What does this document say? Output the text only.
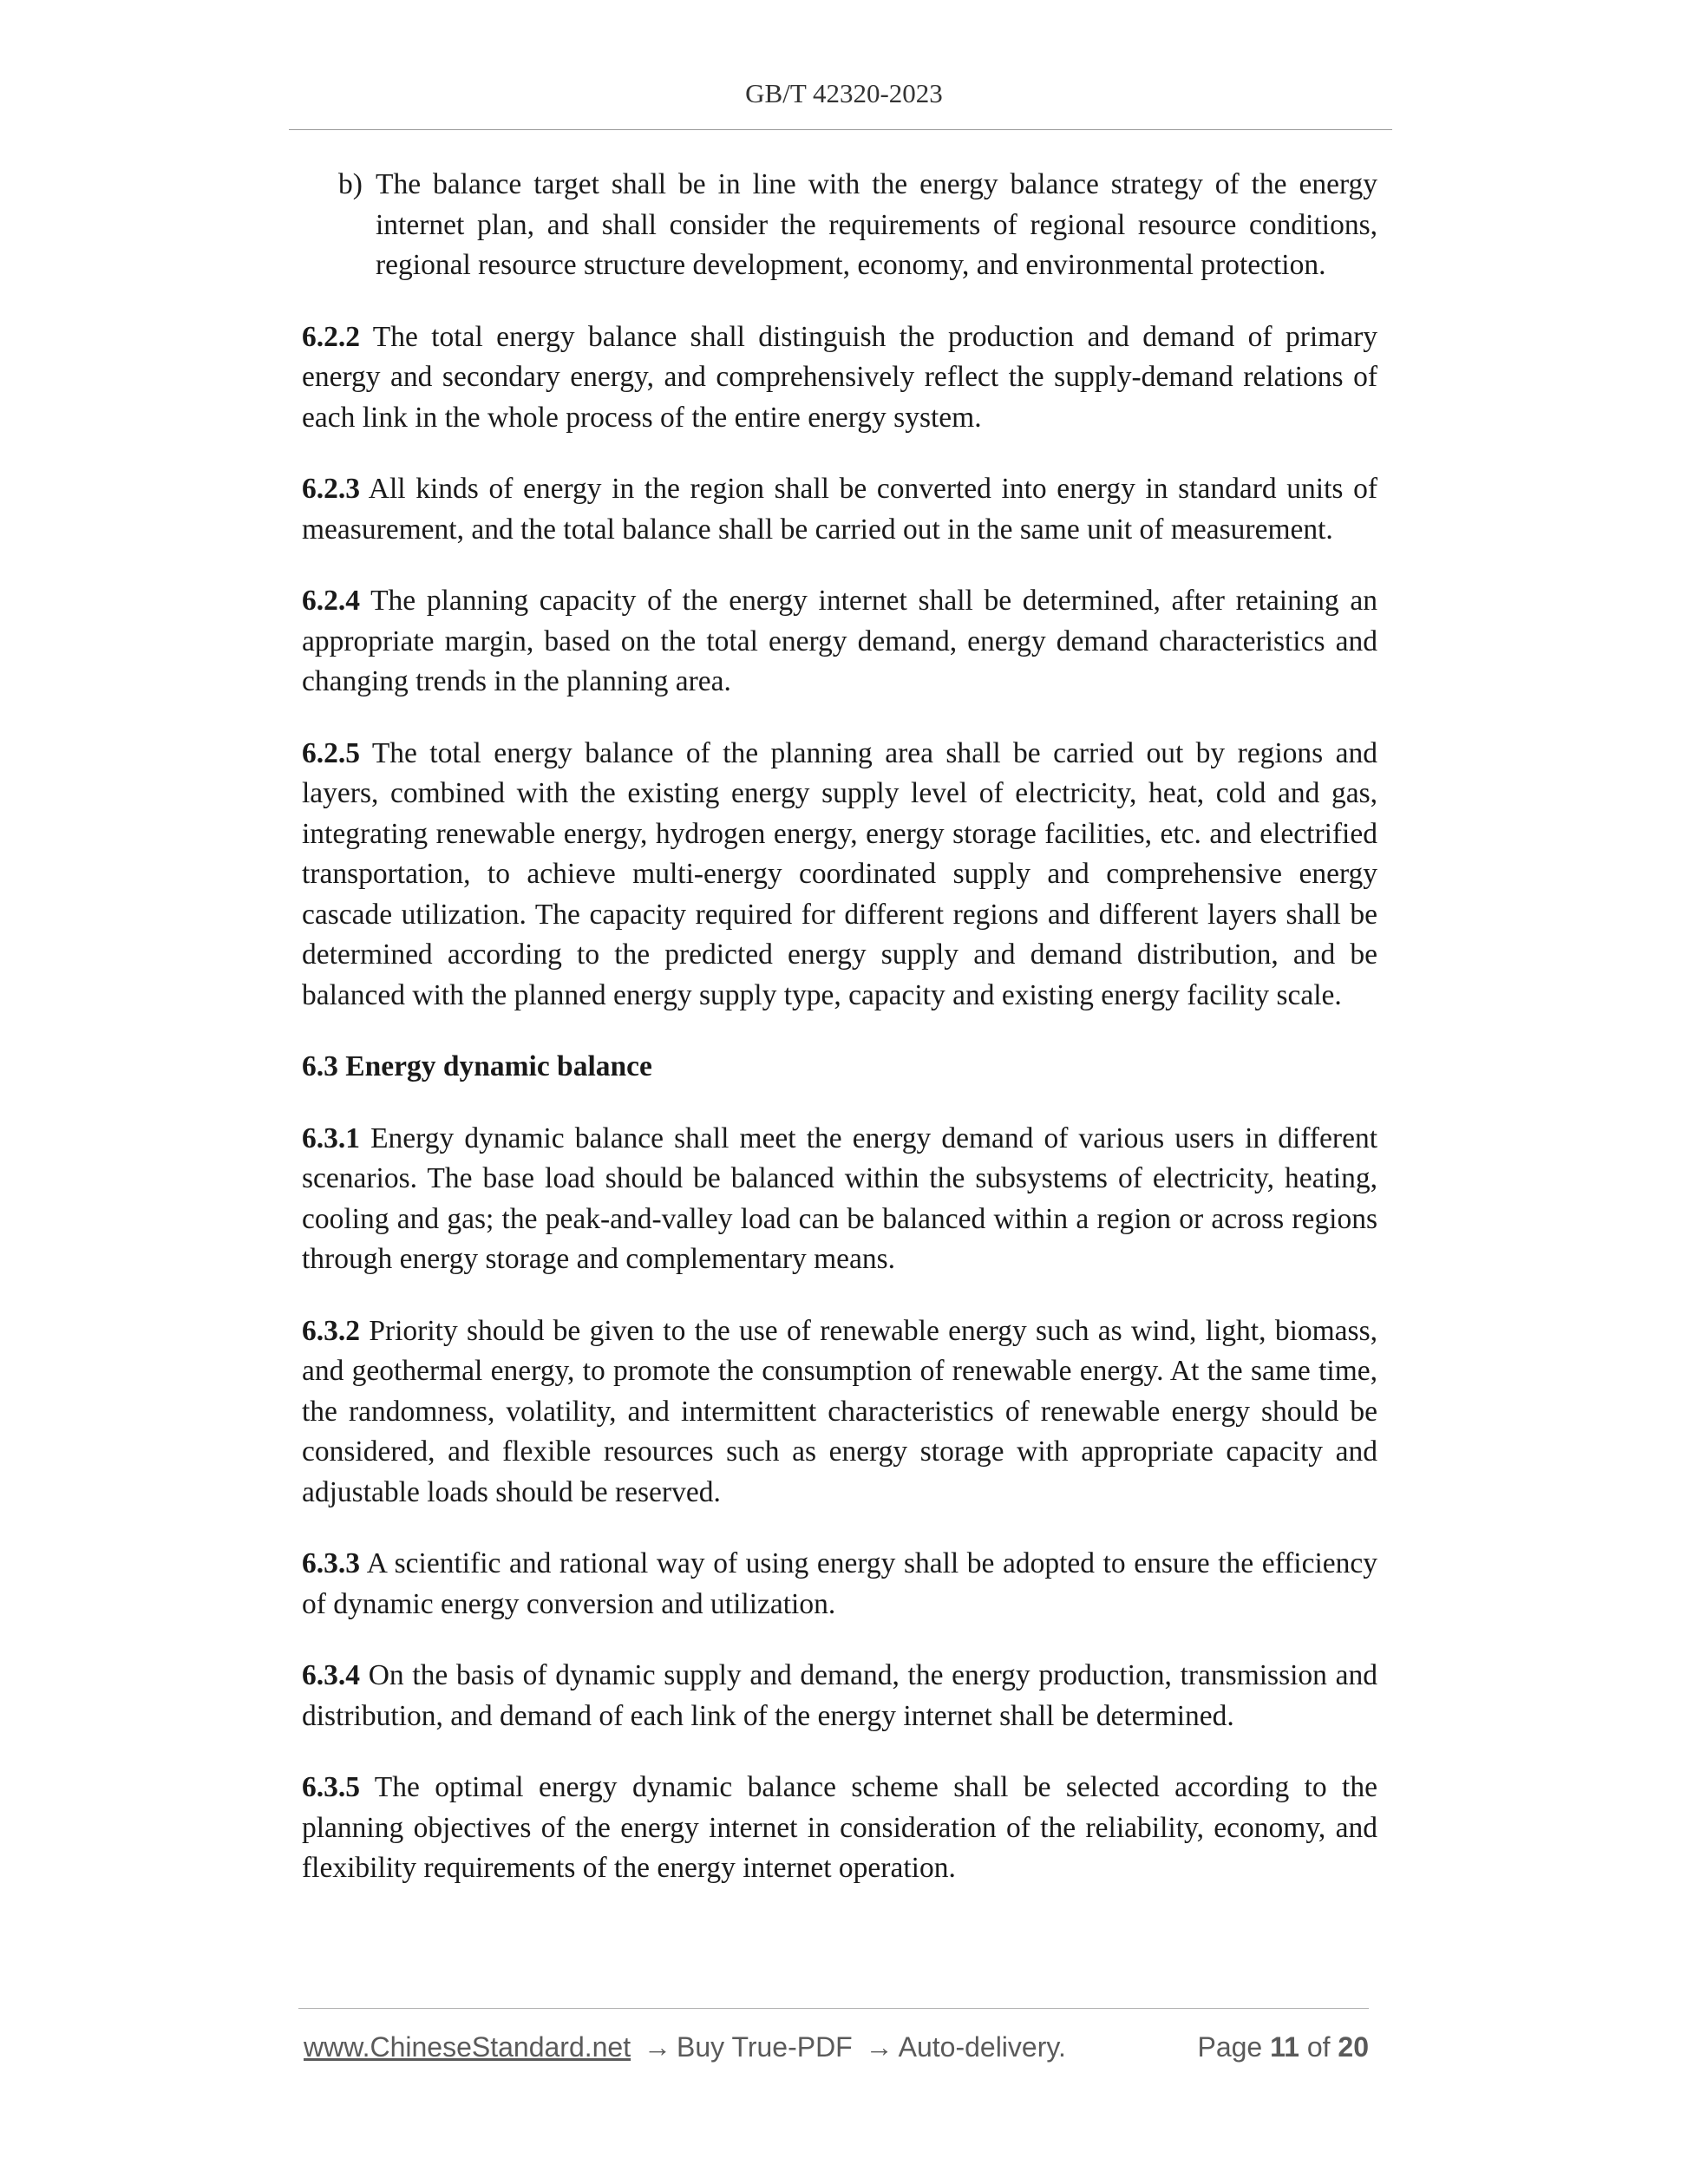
GB/T 42320-2023
b) The balance target shall be in line with the energy balance strategy of the energy internet plan, and shall consider the requirements of regional resource conditions, regional resource structure development, economy, and environmental protection.

6.2.2 The total energy balance shall distinguish the production and demand of primary energy and secondary energy, and comprehensively reflect the supply-demand relations of each link in the whole process of the entire energy system.

6.2.3 All kinds of energy in the region shall be converted into energy in standard units of measurement, and the total balance shall be carried out in the same unit of measurement.

6.2.4 The planning capacity of the energy internet shall be determined, after retaining an appropriate margin, based on the total energy demand, energy demand characteristics and changing trends in the planning area.

6.2.5 The total energy balance of the planning area shall be carried out by regions and layers, combined with the existing energy supply level of electricity, heat, cold and gas, integrating renewable energy, hydrogen energy, energy storage facilities, etc. and electrified transportation, to achieve multi-energy coordinated supply and comprehensive energy cascade utilization. The capacity required for different regions and different layers shall be determined according to the predicted energy supply and demand distribution, and be balanced with the planned energy supply type, capacity and existing energy facility scale.

6.3 Energy dynamic balance

6.3.1 Energy dynamic balance shall meet the energy demand of various users in different scenarios. The base load should be balanced within the subsystems of electricity, heating, cooling and gas; the peak-and-valley load can be balanced within a region or across regions through energy storage and complementary means.

6.3.2 Priority should be given to the use of renewable energy such as wind, light, biomass, and geothermal energy, to promote the consumption of renewable energy. At the same time, the randomness, volatility, and intermittent characteristics of renewable energy should be considered, and flexible resources such as energy storage with appropriate capacity and adjustable loads should be reserved.

6.3.3 A scientific and rational way of using energy shall be adopted to ensure the efficiency of dynamic energy conversion and utilization.

6.3.4 On the basis of dynamic supply and demand, the energy production, transmission and distribution, and demand of each link of the energy internet shall be determined.

6.3.5 The optimal energy dynamic balance scheme shall be selected according to the planning objectives of the energy internet in consideration of the reliability, economy, and flexibility requirements of the energy internet operation.

www.ChineseStandard.net → Buy True-PDF → Auto-delivery.	Page 11 of 20
